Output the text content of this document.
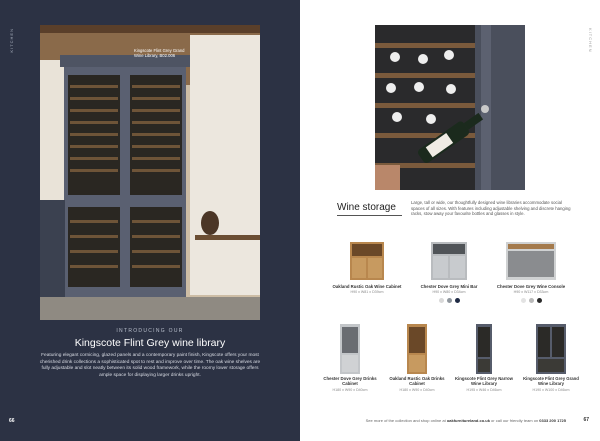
KITCHEN	Kingscote Flint Grey Grand Wine Library, B02.006
INTRODUCING OUR
Kingscote Flint Grey wine library
Featuring elegant cornicing, glazed panels and a contemporary paint finish, Kingscote offers your most cherished drink collections a sophisticated spot to rest and improve over time. The oak wine shelves are fully adjustable and slot neatly between its solid wood framework, while the roomy lower storage offers ample space for displaying larger drinks upright.
66
KITCHEN
Wine storage	Large, tall or wide, our thoughtfully designed wine libraries accommodate social spaces of all sizes. With features including adjustable shelving and discrete hanging racks, stow away your favourite bottles and glasses in style.
Oakland Rustic Oak Wine Cabinet
H90 x W81 x D39cm
Chester Dove Grey Mini Bar
H90 x W80 x D34cm
Chester Dove Grey Wine Console
H90 x W117 x D33cm
Chester Dove Grey Drinks Cabinet
H180 x W90 x D40cm
Oakland Rustic Oak Drinks Cabinet
H180 x W90 x D40cm
Kingscote Flint Grey Narrow Wine Library
H195 x W46 x D46cm
Kingscote Flint Grey Grand Wine Library
H190 x W100 x D46cm
See more of the collection and shop online at oakfurnitureland.co.uk or call our friendly team on 0333 200 1725	67
